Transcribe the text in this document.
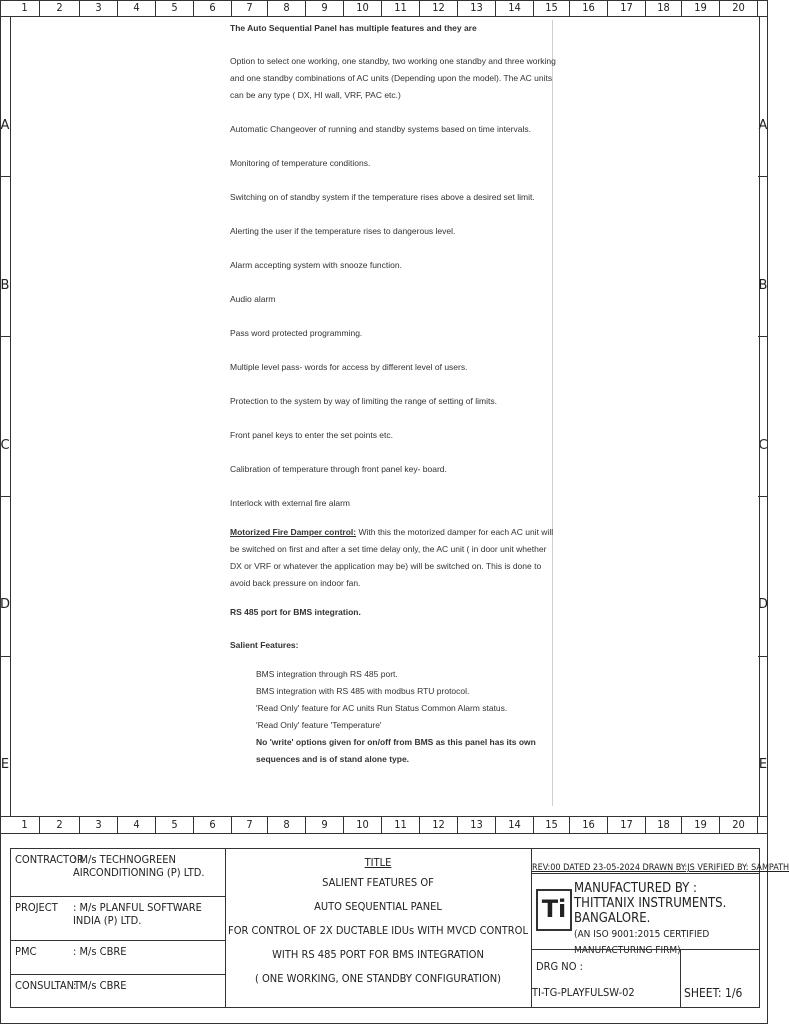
1	2	3	4	5	6	7	8	9	10	11	12	13	14	15	16	17	18	19	20
1	2	3	4	5	6	7	8	9	10	11	12	13	14	15	16	17	18	19	20
A	A
B	B
C	C
D	D
E	E

The Auto Sequential Panel has multiple features and they are

Option to select one working, one standby, two working one standby and three working and one standby combinations of AC units (Depending upon the model). The AC units can be any type ( DX, HI wall, VRF, PAC etc.)

Automatic Changeover of running and standby systems based on time intervals.

Monitoring of temperature conditions.

Switching on of standby system if the temperature rises above a desired set limit.

Alerting the user if the temperature rises to dangerous level.

Alarm accepting system with snooze function.

Audio alarm

Pass word protected programming.

Multiple level pass- words for access by different level of users.

Protection to the system by way of limiting the range of setting of limits.

Front panel keys to enter the set points etc.

Calibration of temperature through front panel key- board.

Interlock with external fire alarm

Motorized Fire Damper control: With this the motorized damper for each AC unit will be switched on first and after a set time delay only, the AC unit ( in door unit whether DX or VRF or whatever the application may be) will be switched on. This is done to avoid back pressure on indoor fan.

RS 485 port for BMS integration.

Salient Features:

BMS integration through RS 485 port.

BMS integration with RS 485 with modbus RTU protocol.

'Read Only' feature for AC units Run Status Common Alarm status.

'Read Only' feature 'Temperature'

No 'write' options given for on/off from BMS as this panel has its own sequences and is of stand alone type.

CONTRACTOR
: M/s TECHNOGREEN AIRCONDITIONING (P) LTD.
PROJECT : M/s PLANFUL SOFTWARE INDIA (P) LTD.
PMC	: M/s CBRE
CONSULTANT
: M/s CBRE
TITLE
SALIENT FEATURES OF
AUTO SEQUENTIAL PANEL
FOR CONTROL OF 2X DUCTABLE IDUs WITH MVCD CONTROL
WITH RS 485 PORT FOR BMS INTEGRATION
( ONE WORKING, ONE STANDBY CONFIGURATION)
REV:00 DATED 23-05-2024 DRAWN BY:JS VERIFIED BY: SAMPATH
Ti
MANUFACTURED BY :
THITTANIX INSTRUMENTS. BANGALORE.
(AN ISO 9001:2015 CERTIFIED MANUFACTURING FIRM)
DRG NO :
TI-TG-PLAYFULSW-02	SHEET: 1/6
